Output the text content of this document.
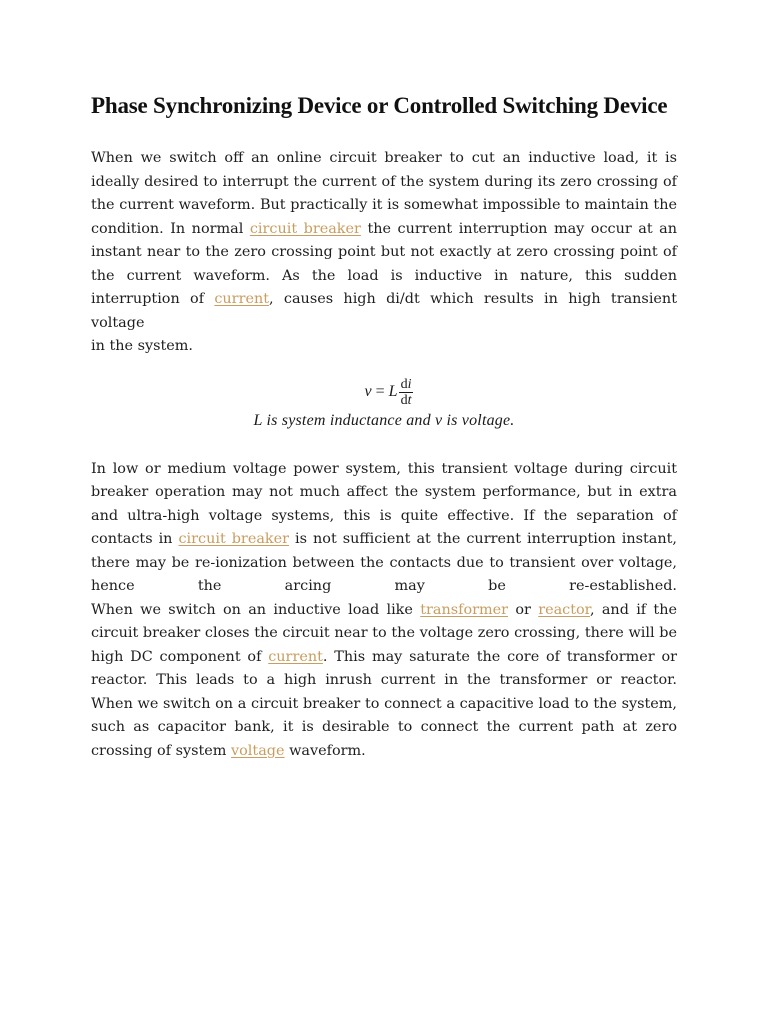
Phase Synchronizing Device or Controlled Switching Device

When we switch off an online circuit breaker to cut an inductive load, it is
ideally desired to interrupt the current of the system during its zero crossing of
the current waveform. But practically it is somewhat impossible to maintain the
condition. In normal circuit breaker the current interruption may occur at an
instant near to the zero crossing point but not exactly at zero crossing point of
the current waveform. As the load is inductive in nature, this sudden
interruption of current, causes high di/dt which results in high transient voltage
in the system.

v = L $\frac{di}{dt}$
L is system inductance and v is voltage.

In low or medium voltage power system, this transient voltage during circuit
breaker operation may not much affect the system performance, but in extra
and ultra-high voltage systems, this is quite effective. If the separation of
contacts in circuit breaker is not sufficient at the current interruption instant,
there may be re-ionization between the contacts due to transient over voltage,
hence the arcing may be re-established.
When we switch on an inductive load like transformer or reactor, and if the
circuit breaker closes the circuit near to the voltage zero crossing, there will be
high DC component of current. This may saturate the core of transformer or
reactor. This leads to a high inrush current in the transformer or reactor.
When we switch on a circuit breaker to connect a capacitive load to the system,
such as capacitor bank, it is desirable to connect the current path at zero
crossing of system voltage waveform.
